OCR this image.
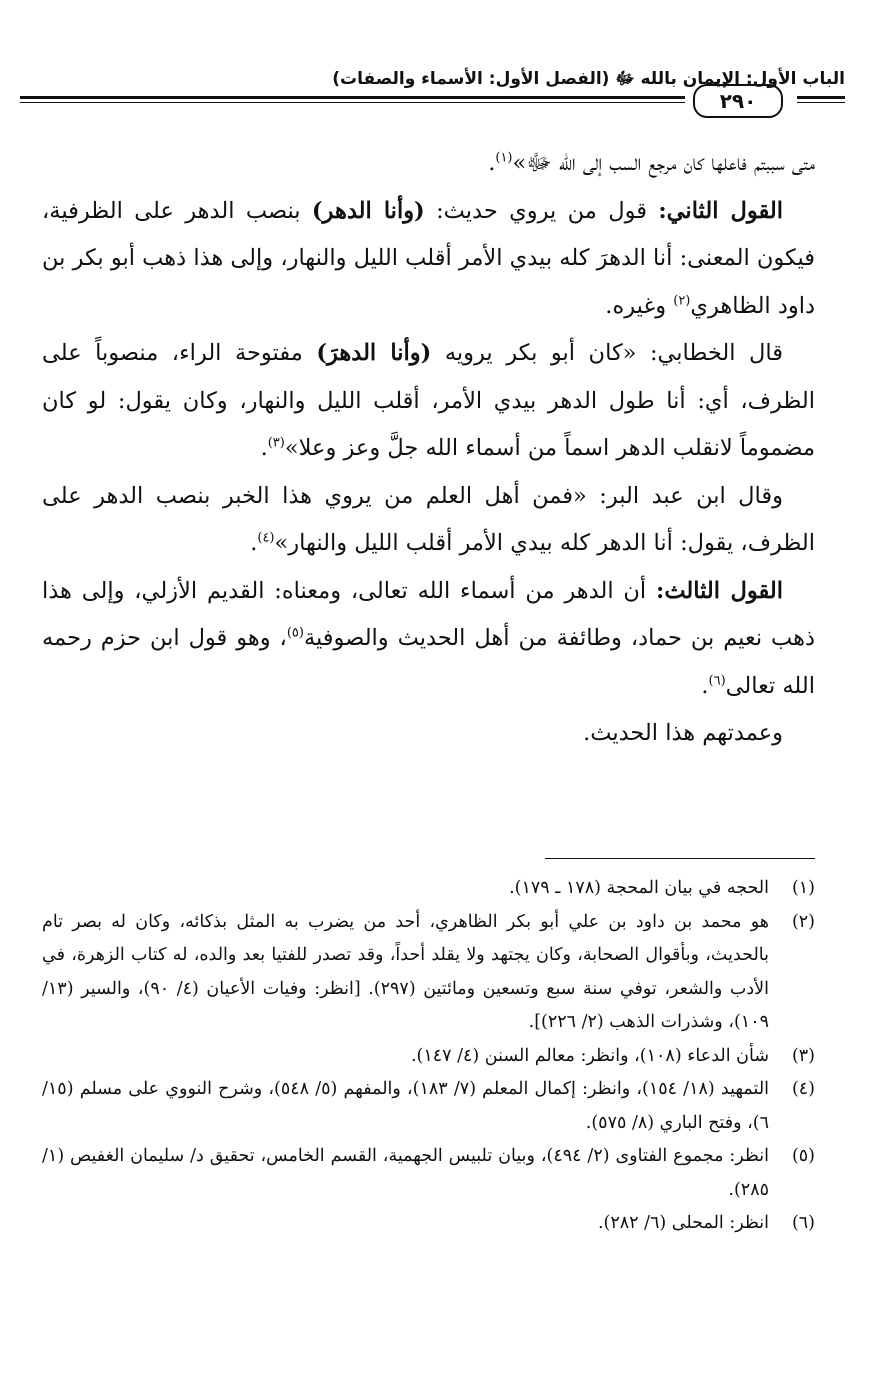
الباب الأول: الإيمان بالله ﷻ (الفصل الأول: الأسماء والصفات)
٢٩٠

متى سببتم فاعلها كان مرجع السب إلى الله ﷻ»$^{(١)}$.

القول الثاني: قول من يروي حديث: (وأنا الدهر) بنصب الدهر على الظرفية، فيكون المعنى: أنا الدهرَ كله بيدي الأمر أقلب الليل والنهار، وإلى هذا ذهب أبو بكر بن داود الظاهري$^{(٢)}$ وغيره.

قال الخطابي: «كان أبو بكر يرويه (وأنا الدهرَ) مفتوحة الراء، منصوباً على الظرف، أي: أنا طول الدهر بيدي الأمر، أقلب الليل والنهار، وكان يقول: لو كان مضموماً لانقلب الدهر اسماً من أسماء الله جلَّ وعز وعلا»$^{(٣)}$.

وقال ابن عبد البر: «فمن أهل العلم من يروي هذا الخبر بنصب الدهر على الظرف، يقول: أنا الدهر كله بيدي الأمر أقلب الليل والنهار»$^{(٤)}$.

القول الثالث: أن الدهر من أسماء الله تعالى، ومعناه: القديم الأزلي، وإلى هذا ذهب نعيم بن حماد، وطائفة من أهل الحديث والصوفية$^{(٥)}$، وهو قول ابن حزم رحمه الله تعالى$^{(٦)}$.

وعمدتهم هذا الحديث.

(١)
الحجه في بيان المحجة (١٧٨ ـ ١٧٩).
(٢)
هو محمد بن داود بن علي أبو بكر الظاهري، أحد من يضرب به المثل بذكائه، وكان له بصر تام بالحديث، وبأقوال الصحابة، وكان يجتهد ولا يقلد أحداً، وقد تصدر للفتيا بعد والده، له كتاب الزهرة، في الأدب والشعر، توفي سنة سبع وتسعين ومائتين (٢٩٧). [انظر: وفيات الأعيان (٤/ ٩٠)، والسير (١٣/ ١٠٩)، وشذرات الذهب (٢/ ٢٢٦)].
(٣)
شأن الدعاء (١٠٨)، وانظر: معالم السنن (٤/ ١٤٧).
(٤)
التمهيد (١٨/ ١٥٤)، وانظر: إكمال المعلم (٧/ ١٨٣)، والمفهم (٥/ ٥٤٨)، وشرح النووي على مسلم (١٥/ ٦)، وفتح الباري (٨/ ٥٧٥).
(٥)
انظر: مجموع الفتاوى (٢/ ٤٩٤)، وبيان تلبيس الجهمية، القسم الخامس، تحقيق د/ سليمان الغفيص (١/ ٢٨٥).
(٦)
انظر: المحلى (٦/ ٢٨٢).
